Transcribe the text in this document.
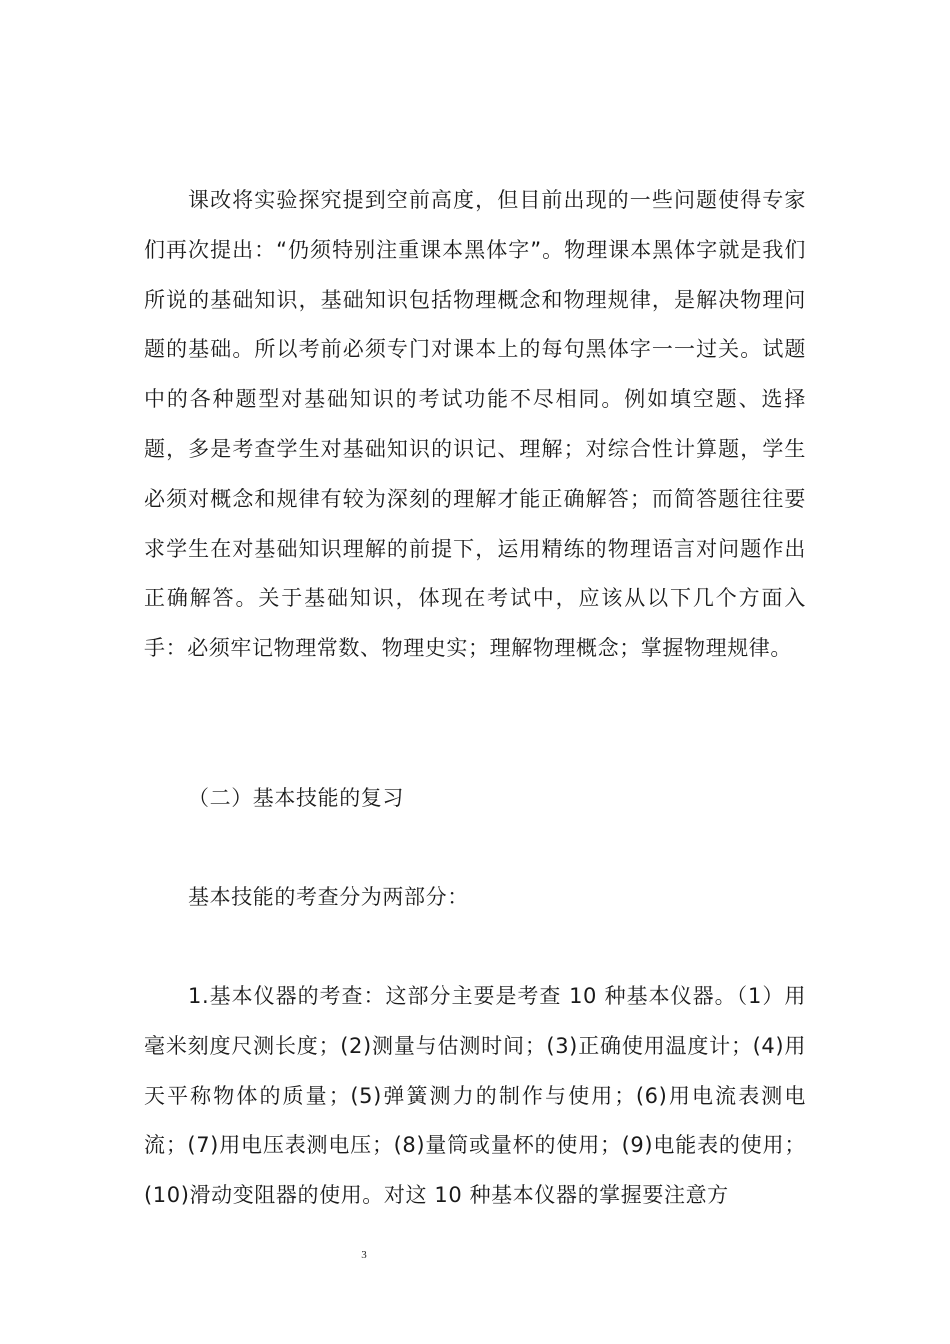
课改将实验探究提到空前高度，但目前出现的一些问题使得专家们再次提出：“仍须特别注重课本黑体字”。物理课本黑体字就是我们所说的基础知识，基础知识包括物理概念和物理规律，是解决物理问题的基础。所以考前必须专门对课本上的每句黑体字一一过关。试题中的各种题型对基础知识的考试功能不尽相同。例如填空题、选择题，多是考查学生对基础知识的识记、理解；对综合性计算题，学生必须对概念和规律有较为深刻的理解才能正确解答；而简答题往往要求学生在对基础知识理解的前提下，运用精练的物理语言对问题作出正确解答。关于基础知识，体现在考试中，应该从以下几个方面入手：必须牢记物理常数、物理史实；理解物理概念；掌握物理规律。

（二）基本技能的复习

基本技能的考查分为两部分：

1.基本仪器的考查：这部分主要是考查 10 种基本仪器。（1）用毫米刻度尺测长度；(2)测量与估测时间；(3)正确使用温度计；(4)用天平称物体的质量；(5)弹簧测力的制作与使用；(6)用电流表测电流；(7)用电压表测电压；(8)量筒或量杯的使用；(9)电能表的使用；(10)滑动变阻器的使用。对这 10 种基本仪器的掌握要注意方

3
